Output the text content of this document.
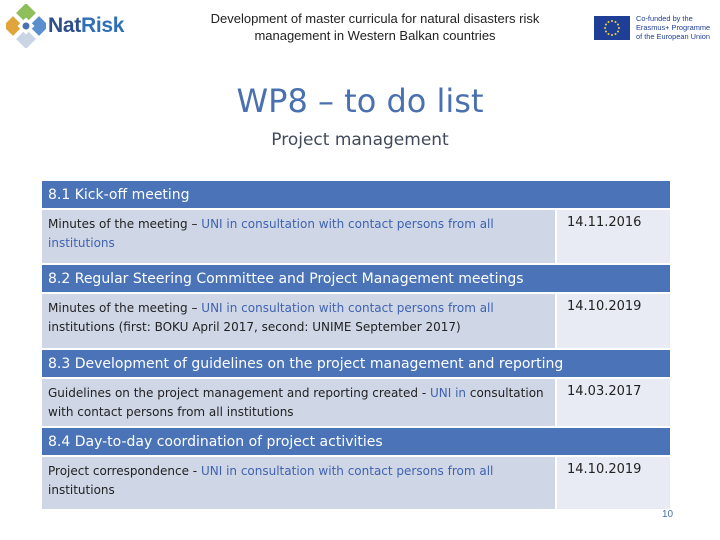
NatRisk	Development of master curricula for natural disasters risk management in Western Balkan countries
Co-funded by the Erasmus+ Programme of the European Union
WP8 – to do list
Project management
8.1 Kick-off meeting
Minutes of the meeting – UNI in consultation with contact persons from all institutions
14.11.2016
8.2 Regular Steering Committee and Project Management meetings
Minutes of the meeting – UNI in consultation with contact persons from all institutions (first: BOKU April 2017, second: UNIME September 2017)
14.10.2019
8.3 Development of guidelines on the project management and reporting
Guidelines on the project management and reporting created - UNI in consultation with contact persons from all institutions
14.03.2017
8.4 Day-to-day coordination of project activities
Project correspondence - UNI in consultation with contact persons from all institutions
14.10.2019
10
